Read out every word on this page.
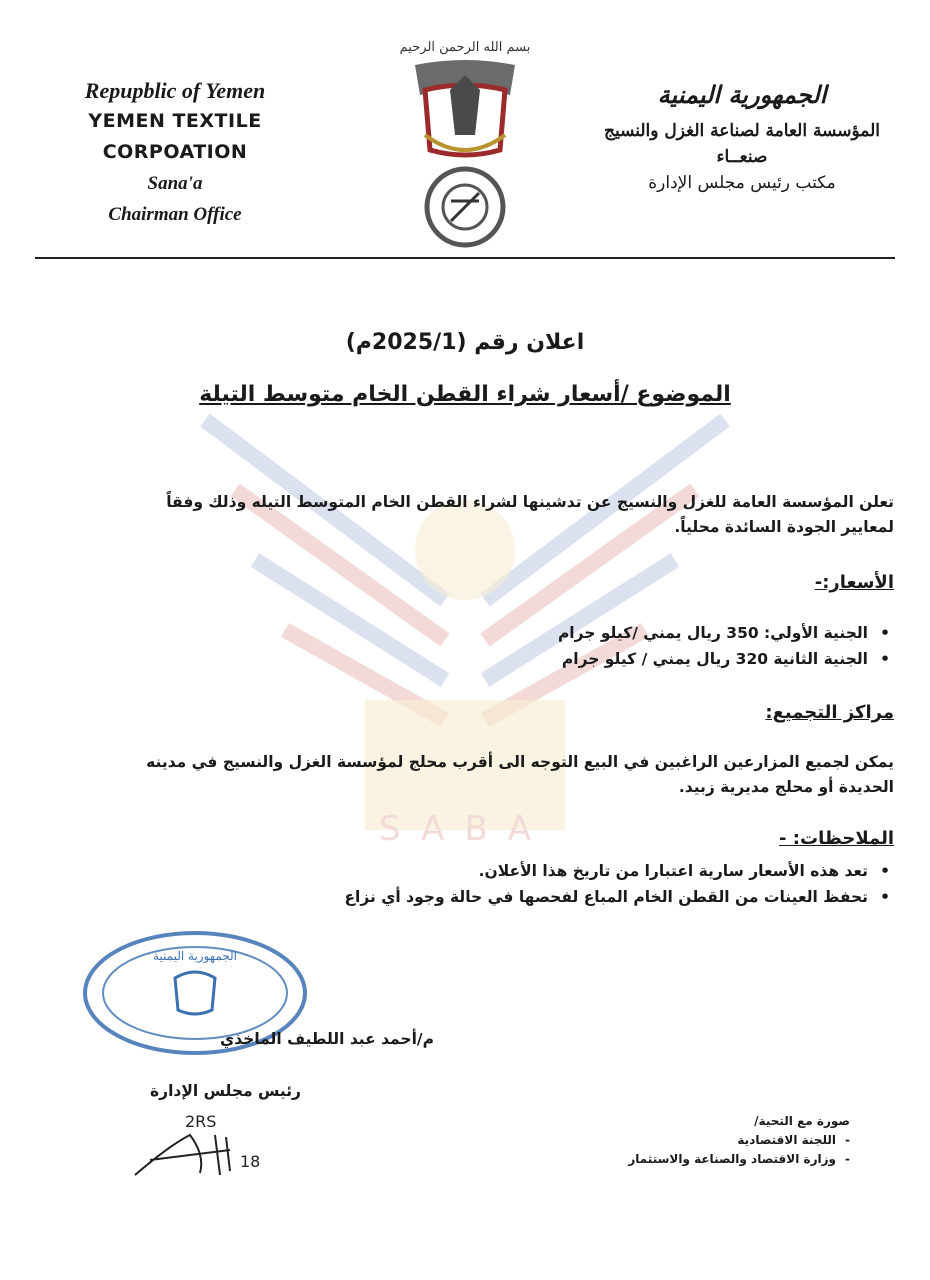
SABA
Repupblic of Yemen
YEMEN TEXTILE CORPOATION
Sana'a
Chairman Office
بسم الله الرحمن الرحيم
الجمهورية اليمنية
المؤسسة العامة لصناعة الغزل والنسيج
صنعــاء
مكتب رئيس مجلس الإدارة
اعلان رقم (2025/1م)
الموضوع /أسعار شراء القطن الخام متوسط التيلة
تعلن المؤسسة العامة للغزل والنسيج عن تدشينها لشراء القطن الخام المتوسط التيله وذلك وفقاً لمعايير الجودة السائدة محلياً.
الأسعار:-
• الجنية الأولي: 350 ريال يمني /كيلو جرام
• الجنية الثانية 320 ريال يمني / كيلو جرام
مراكز التجميع:
يمكن لجميع المزارعين الراغبين في البيع التوجه الى أقرب محلج لمؤسسة الغزل والنسيج في مدينه الحديدة أو محلج مديرية زبيد.
الملاحظات: -
• تعد هذه الأسعار سارية اعتبارا من تاريخ هذا الأعلان.
• تحفظ العينات من القطن الخام المباع لفحصها في حالة وجود أي نزاع
الجمهورية اليمنية
م/أحمد عبد اللطيف الماخذي
رئيس مجلس الإدارة
2RS
18
صورة مع التحية/
-اللجنة الاقتصادية
-وزارة الاقتصاد والصناعة والاستثمار
